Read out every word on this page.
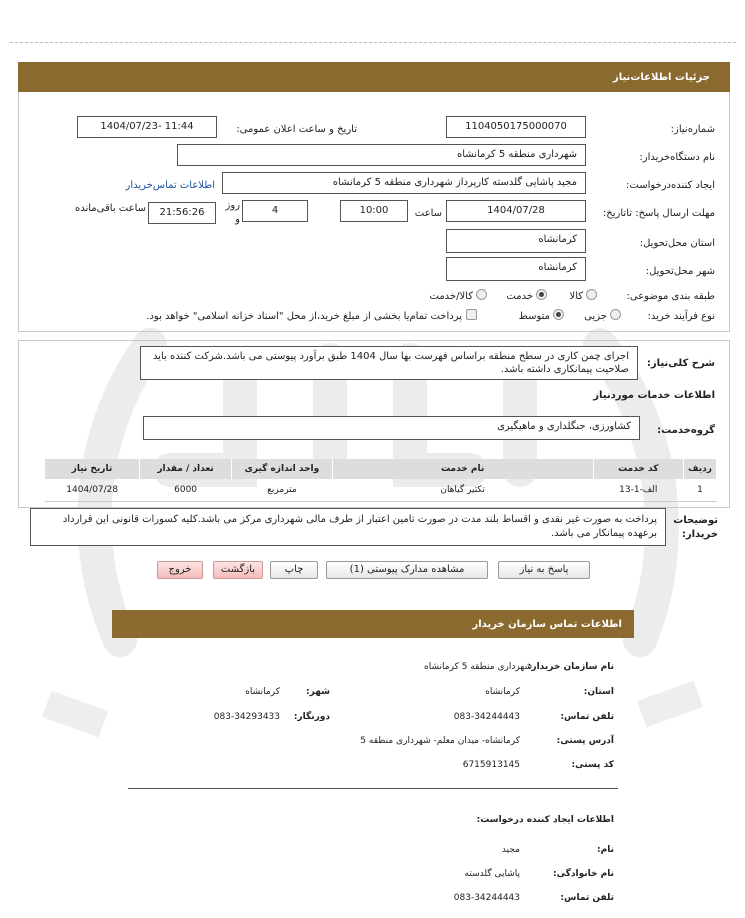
جزئیات اطلاعات‌نیاز
شماره‌نیاز:
1104050175000070
تاریخ و ساعت اعلان عمومی:
1404/07/23- 11:44
نام دستگاه‌خریدار:
شهرداری منطقه 5 کرمانشاه
ایجاد کننده‌درخواست:
مجید پاشایی گلدسته کارپرداز شهرداری منطقه 5 کرمانشاه
اطلاعات تماس‌خریدار
مهلت ارسال پاسخ: تاتاریخ:
1404/07/28
ساعت
10:00
4
روز
و
21:56:26
ساعت باقی‌مانده
استان محل‌تحویل:
کرمانشاه
شهر محل‌تحویل:
کرمانشاه
طبقه بندی موضوعی:
کالا
خدمت
کالا/خدمت
نوع فرآیند خرید:
جزیی
متوسط
پرداخت تمام‌یا بخشی از مبلغ خرید،از محل "اسناد خزانه اسلامی" خواهد بود.
شرح کلی‌نیاز:
اجرای چمن کاری در سطح منطقه براساس فهرست بها سال 1404 طبق برآورد پیوستی می باشد.شرکت کننده باید صلاحیت پیمانکاری داشته باشد.
اطلاعات خدمات موردنیاز
گروه‌خدمت:
کشاورزی، جنگلداری و ماهیگیری
ردیف	کد خدمت	نام خدمت	واحد اندازه گیری	تعداد / مقدار	تاریخ نیاز
1	الف-1-13	تکثیر گیاهان	مترمربع	6000	1404/07/28
توضیحات خریدار:
پرداخت به صورت غیر نقدی و اقساط بلند مدت در صورت تامین اعتبار از طرف مالی شهرداری مرکز می باشد.کلیه کسورات قانونی این قرارداد برعهده پیمانکار می باشد.
پاسخ به نیاز
مشاهده مدارک پیوستی (1)
چاپ
بازگشت
خروج
اطلاعات تماس سازمان خریدار
نام سازمان خریدار:
شهرداری منطقه 5 کرمانشاه
استان:
کرمانشاه
شهر:
کرمانشاه
تلفن تماس:
083-34244443
دورنگار:
083-34293433
آدرس پستی:
کرمانشاه- میدان معلم- شهرداری منطقه 5
کد پستی:
6715913145
اطلاعات ایجاد کننده درخواست:
نام:
مجید
نام خانوادگی:
پاشایی گلدسته
تلفن تماس:
083-34244443
